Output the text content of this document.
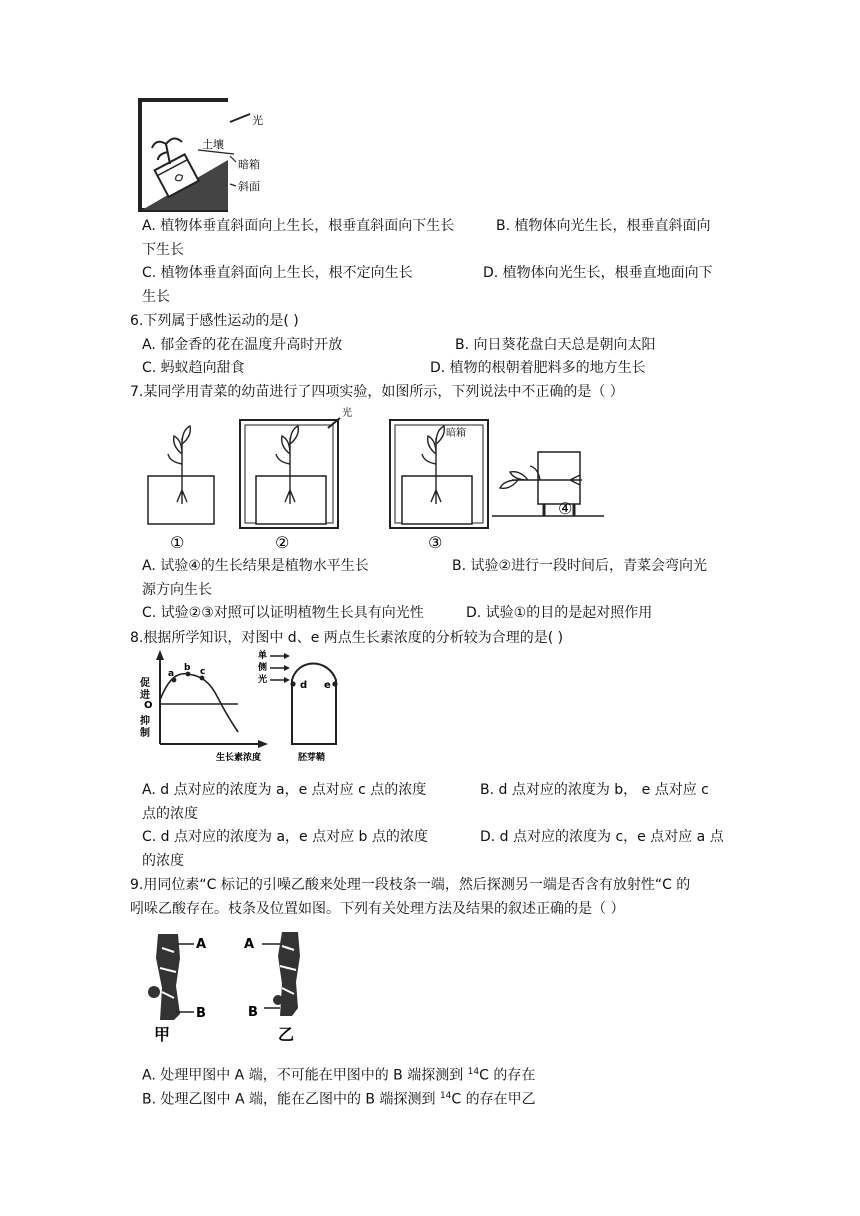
光
土壤
暗箱
斜面
A. 植物体垂直斜面向上生长，根垂直斜面向下生长	B. 植物体向光生长，根垂直斜面向
下生长
C. 植物体垂直斜面向上生长，根不定向生长	D. 植物体向光生长，根垂直地面向下
生长
6.下列属于感性运动的是( )
A. 郁金香的花在温度升高时开放	B. 向日葵花盘白天总是朝向太阳
C. 蚂蚁趋向甜食	D. 植物的根朝着肥料多的地方生长
7.某同学用青菜的幼苗进行了四项实验，如图所示，下列说法中不正确的是（ ）
光
暗箱
①	②	③
④
A. 试验④的生长结果是植物水平生长	B. 试验②进行一段时间后，青菜会弯向光
源方向生长
C. 试验②③对照可以证明植物生长具有向光性	D. 试验①的目的是起对照作用
8.根据所学知识，对图中 d、e 两点生长素浓度的分析较为合理的是( )
a
b c
促
进
O
抑
制
生长素浓度
d e
单
侧
光
胚芽鞘
A. d 点对应的浓度为 a，e 点对应 c 点的浓度	B. d 点对应的浓度为 b， e 点对应 c
点的浓度
C. d 点对应的浓度为 a，e 点对应 b 点的浓度	D. d 点对应的浓度为 c，e 点对应 a 点
的浓度
9.用同位素“C 标记的引噪乙酸来处理一段枝条一端，然后探测另一端是否含有放射性“C 的
吲哚乙酸存在。枝条及位置如图。下列有关处理方法及结果的叙述正确的是（ ）
A
B
甲
A
B
乙
A. 处理甲图中 A 端，不可能在甲图中的 B 端探测到 $^{14}$C 的存在
B. 处理乙图中 A 端，能在乙图中的 B 端探测到 $^{14}$C 的存在甲乙
